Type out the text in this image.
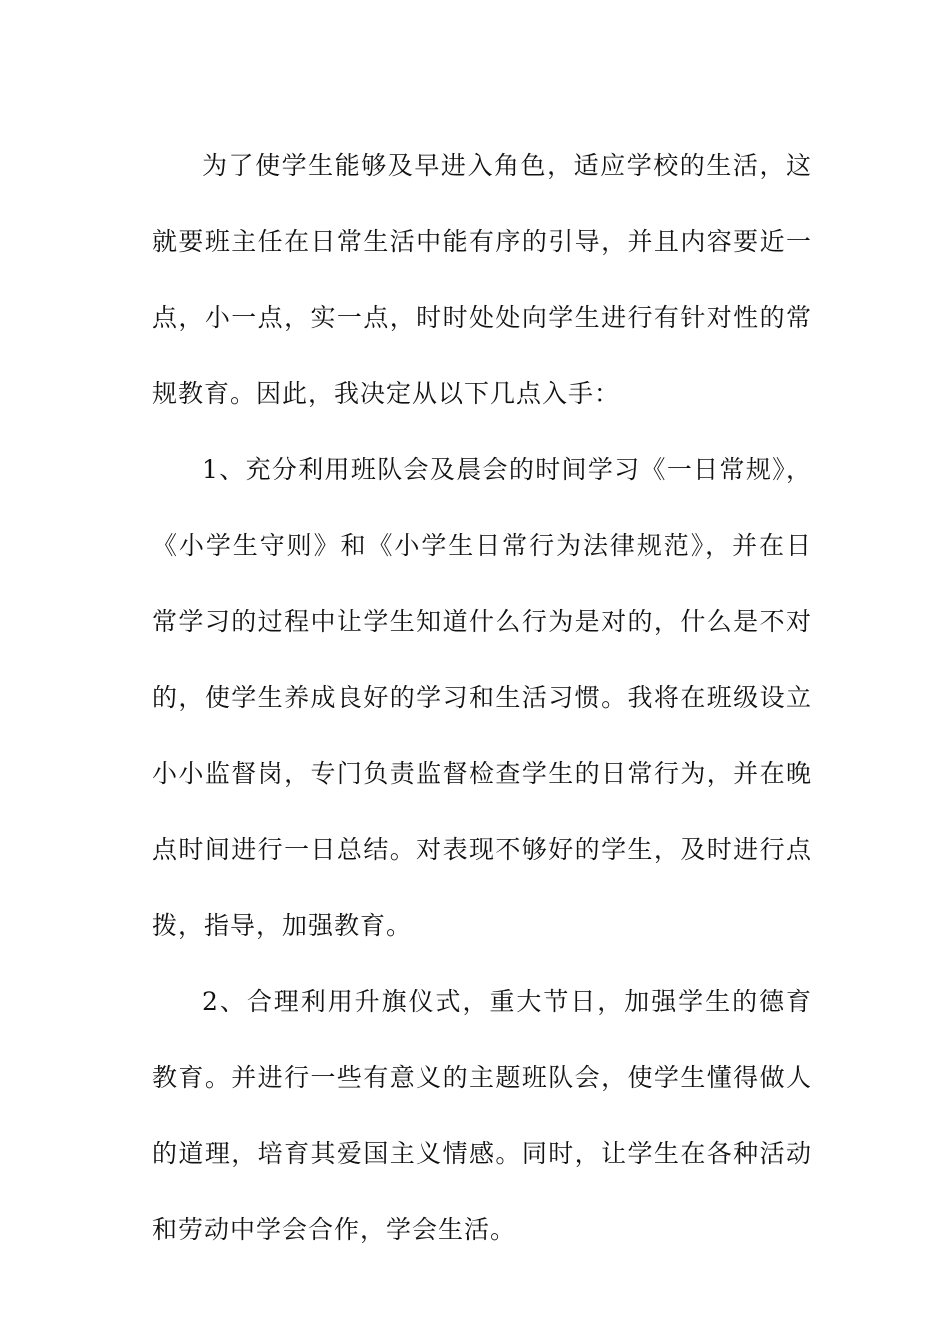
为了使学生能够及早进入角色，适应学校的生活，这就要班主任在日常生活中能有序的引导，并且内容要近一点，小一点，实一点，时时处处向学生进行有针对性的常规教育。因此，我决定从以下几点入手：

1、充分利用班队会及晨会的时间学习《一日常规》，《小学生守则》和《小学生日常行为法律规范》，并在日常学习的过程中让学生知道什么行为是对的，什么是不对的，使学生养成良好的学习和生活习惯。我将在班级设立小小监督岗，专门负责监督检查学生的日常行为，并在晚点时间进行一日总结。对表现不够好的学生，及时进行点拨，指导，加强教育。

2、合理利用升旗仪式，重大节日，加强学生的德育教育。并进行一些有意义的主题班队会，使学生懂得做人的道理，培育其爱国主义情感。同时，让学生在各种活动和劳动中学会合作，学会生活。
